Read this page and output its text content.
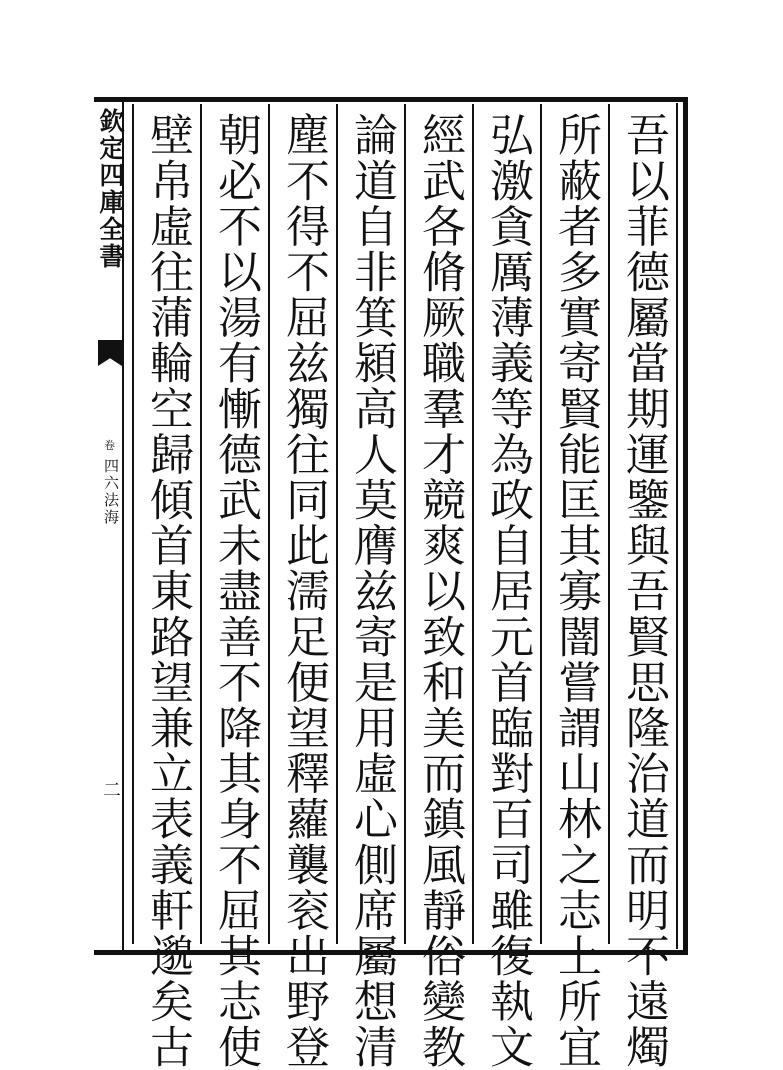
欽定四庫全書
卷
四六法海
二	吾以菲德屬當期運鑒與吾賢思隆治道而明不遠燭
所蔽者多實寄賢能匡其寡闇嘗謂山林之志上所宜
弘激貪厲薄義等為政自居元首臨對百司雖復執文
經武各脩厥職羣才競爽以致和美而鎮風靜俗變教
論道自非箕潁高人莫膺兹寄是用虛心側席屬想清
塵不得不屈兹獨往同此濡足便望釋蘿襲衮出野登
朝必不以湯有慚德武未盡善不降其身不屈其志使
壁帛虛往蒲輪空歸傾首東路望兼立表義軒邈矣古
